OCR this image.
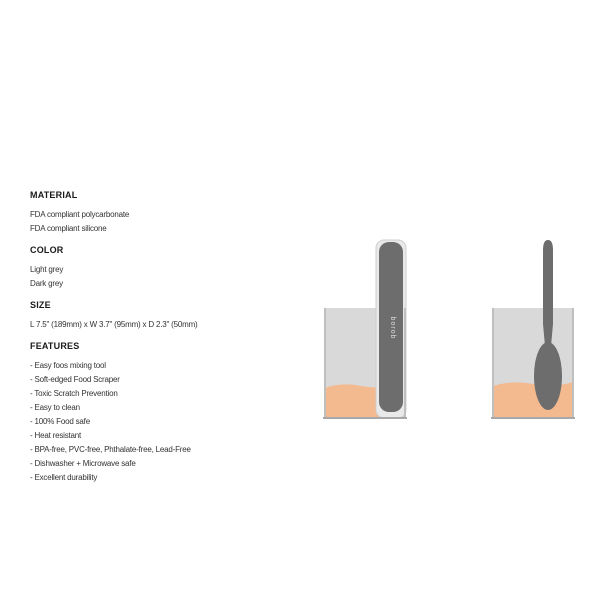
MATERIAL
FDA compliant polycarbonate
FDA compliant silicone
COLOR
Light grey
Dark grey
SIZE
L 7.5" (189mm) x W 3.7" (95mm) x D 2.3" (50mm)
FEATURES
- Easy foos mixing tool
- Soft-edged Food Scraper
- Toxic Scratch Prevention
- Easy to clean
- 100% Food safe
- Heat resistant
- BPA-free, PVC-free, Phthalate-free, Lead-Free
- Dishwasher + Microwave safe
- Excellent durability
borob
